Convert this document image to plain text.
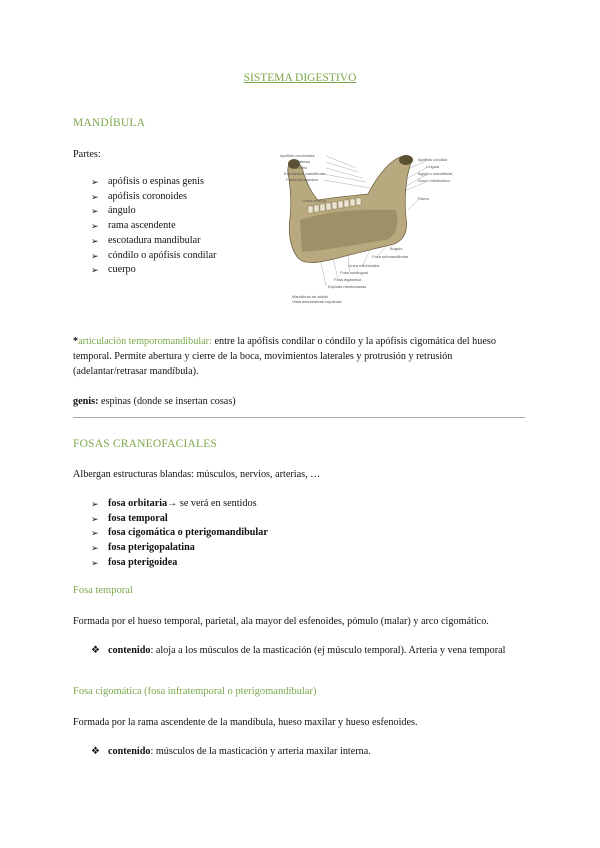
SISTEMA DIGESTIVO
MANDÍBULA
Partes:
➢ apófisis o espinas genis
➢ apófisis coronoides
➢ ángulo
➢ rama ascendente
➢ escotadura mandibular
➢ cóndilo o apófisis condilar
➢ cuerpo
Apófisis coronoides
Cabeza
Cuello
Escotadura mandibular
Fosita pterigoidea
Apófisis condilar
Língula
Agujero mandibular
Surco milohioideo
Línea oblicua	Rama
Ángulo
Fosa submandibular
Línea milohioidea
Fosa sublingual
Fosa digástrica
Espinas mentonianas
Mandíbula de adulto
Vista anterolateral izquierda
*articulación temporomandibular: entre la apófisis condilar o cóndilo y la apófisis cigomática del hueso temporal. Permite abertura y cierre de la boca, movimientos laterales y protrusión y retrusión (adelantar/retrasar mandíbula).
genis: espinas (donde se insertan cosas)
FOSAS CRANEOFACIALES
Albergan estructuras blandas: músculos, nervios, arterias, …
➢ fosa orbitaria → se verá en sentidos
➢ fosa temporal
➢ fosa cigomática o pterigomandibular
➢ fosa pterigopalatina
➢ fosa pterigoidea
Fosa temporal
Formada por el hueso temporal, parietal, ala mayor del esfenoides, pómulo (malar) y arco cigomático.
❖ contenido: aloja a los músculos de la masticación (ej músculo temporal). Arteria y vena temporal
Fosa cigomática (fosa infratemporal o pterigomandibular)
Formada por la rama ascendente de la mandíbula, hueso maxilar y hueso esfenoides.
❖ contenido: músculos de la masticación y arteria maxilar interna.
